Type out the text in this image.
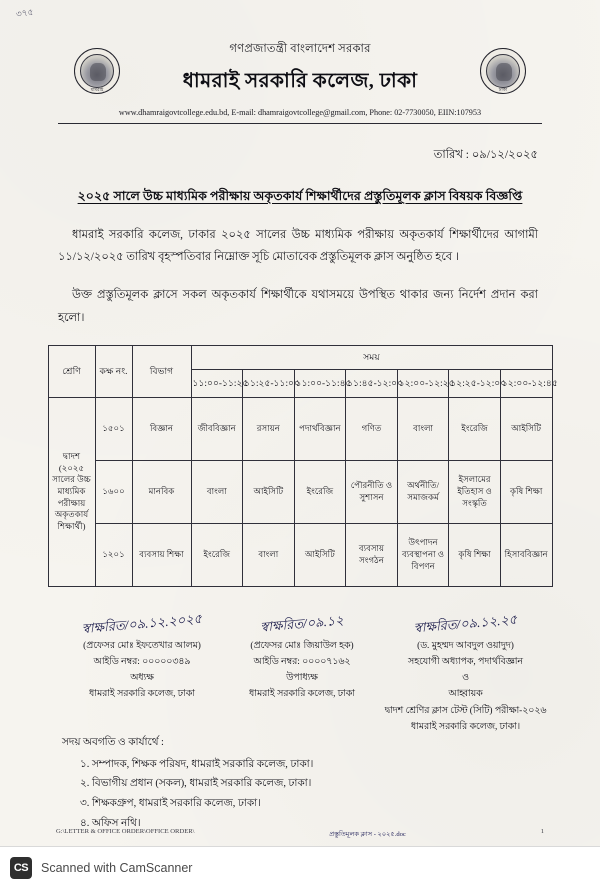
৩৭৫
ধামরাই	ঢাকা
গণপ্রজাতন্ত্রী বাংলাদেশ সরকার
ধামরাই সরকারি কলেজ, ঢাকা
www.dhamraigovtcollege.edu.bd, E-mail: dhamraigovtcollege@gmail.com, Phone: 02-7730050, EIIN:107953
তারিখ : ০৯/১২/২০২৫
২০২৫ সালে উচ্চ মাধ্যমিক পরীক্ষায় অকৃতকার্য শিক্ষার্থীদের প্রস্তুতিমূলক ক্লাস বিষয়ক বিজ্ঞপ্তি
ধামরাই সরকারি কলেজ, ঢাকার ২০২৫ সালের উচ্চ মাধ্যমিক পরীক্ষায় অকৃতকার্য শিক্ষার্থীদের আগামী ১১/১২/২০২৫ তারিখ বৃহস্পতিবার নিম্নোক্ত সূচি মোতাবেক প্রস্তুতিমূলক ক্লাস অনুষ্ঠিত হবে ।
উক্ত প্রস্তুতিমূলক ক্লাসে সকল অকৃতকার্য শিক্ষার্থীকে যথাসময়ে উপস্থিত থাকার জন্য নির্দেশ প্রদান করা হলো।
শ্রেণি	কক্ষ নং.	বিভাগ	সময়						
			১১:০০-১১:২৫	১১:২৫-১১:০০	১১:০০-১১:৪৫	১১:৪৫-১২:০০	১২:০০-১২:২৫	১২:২৫-১২:০০	১২:০০-১২:৪৫
দ্বাদশ (২০২৫ সালের উচ্চ মাধ্যমিক পরীক্ষায় অকৃতকার্য শিক্ষার্থী)	১৫০১	বিজ্ঞান	জীববিজ্ঞান	রসায়ন	পদার্থবিজ্ঞান	গণিত	বাংলা	ইংরেজি	আইসিটি
	১৬০০	মানবিক	বাংলা	আইসিটি	ইংরেজি	পৌরনীতি ও সুশাসন	অর্থনীতি/ সমাজকর্ম	ইসলামের ইতিহাস ও সংস্কৃতি	কৃষি শিক্ষা
	১২০১	ব্যবসায় শিক্ষা	ইংরেজি	বাংলা	আইসিটি	ব্যবসায় সংগঠন	উৎপাদন ব্যবস্থাপনা ও বিপণন	কৃষি শিক্ষা	হিসাববিজ্ঞান
স্বাক্ষরিত/০৯.১২.২০২৫
(প্রফেসর মোঃ ইফতেখার আলম)
আইডি নম্বর: ০০০০০৩৪৯
অধ্যক্ষ
ধামরাই সরকারি কলেজ, ঢাকা
স্বাক্ষরিত/০৯.১২
(প্রফেসর মোঃ জিয়াউল হক)
আইডি নম্বর: ০০০০৭১৬২
উপাধ্যক্ষ
ধামরাই সরকারি কলেজ, ঢাকা
স্বাক্ষরিত/০৯.১২.২৫
(ড. মুহম্মদ আবদুল ওয়াদুদ)
সহযোগী অধ্যাপক, পদার্থবিজ্ঞান
ও
আহ্বায়ক
দ্বাদশ শ্রেণির ক্লাস টেস্ট (সিটি) পরীক্ষা-২০২৬
ধামরাই সরকারি কলেজ, ঢাকা।
সদয় অবগতি ও কার্যার্থে :
১. সম্পাদক, শিক্ষক পরিষদ, ধামরাই সরকারি কলেজ, ঢাকা।
২. বিভাগীয় প্রধান (সকল), ধামরাই সরকারি কলেজ, ঢাকা।
৩. শিক্ষকগ্রুপ, ধামরাই সরকারি কলেজ, ঢাকা।
৪. অফিস নথি।
G:\LETTER & OFFICE ORDER\OFFICE ORDER\	প্রস্তুতিমূলক ক্লাস - ২০২৫.doc	1
CS	Scanned with CamScanner
